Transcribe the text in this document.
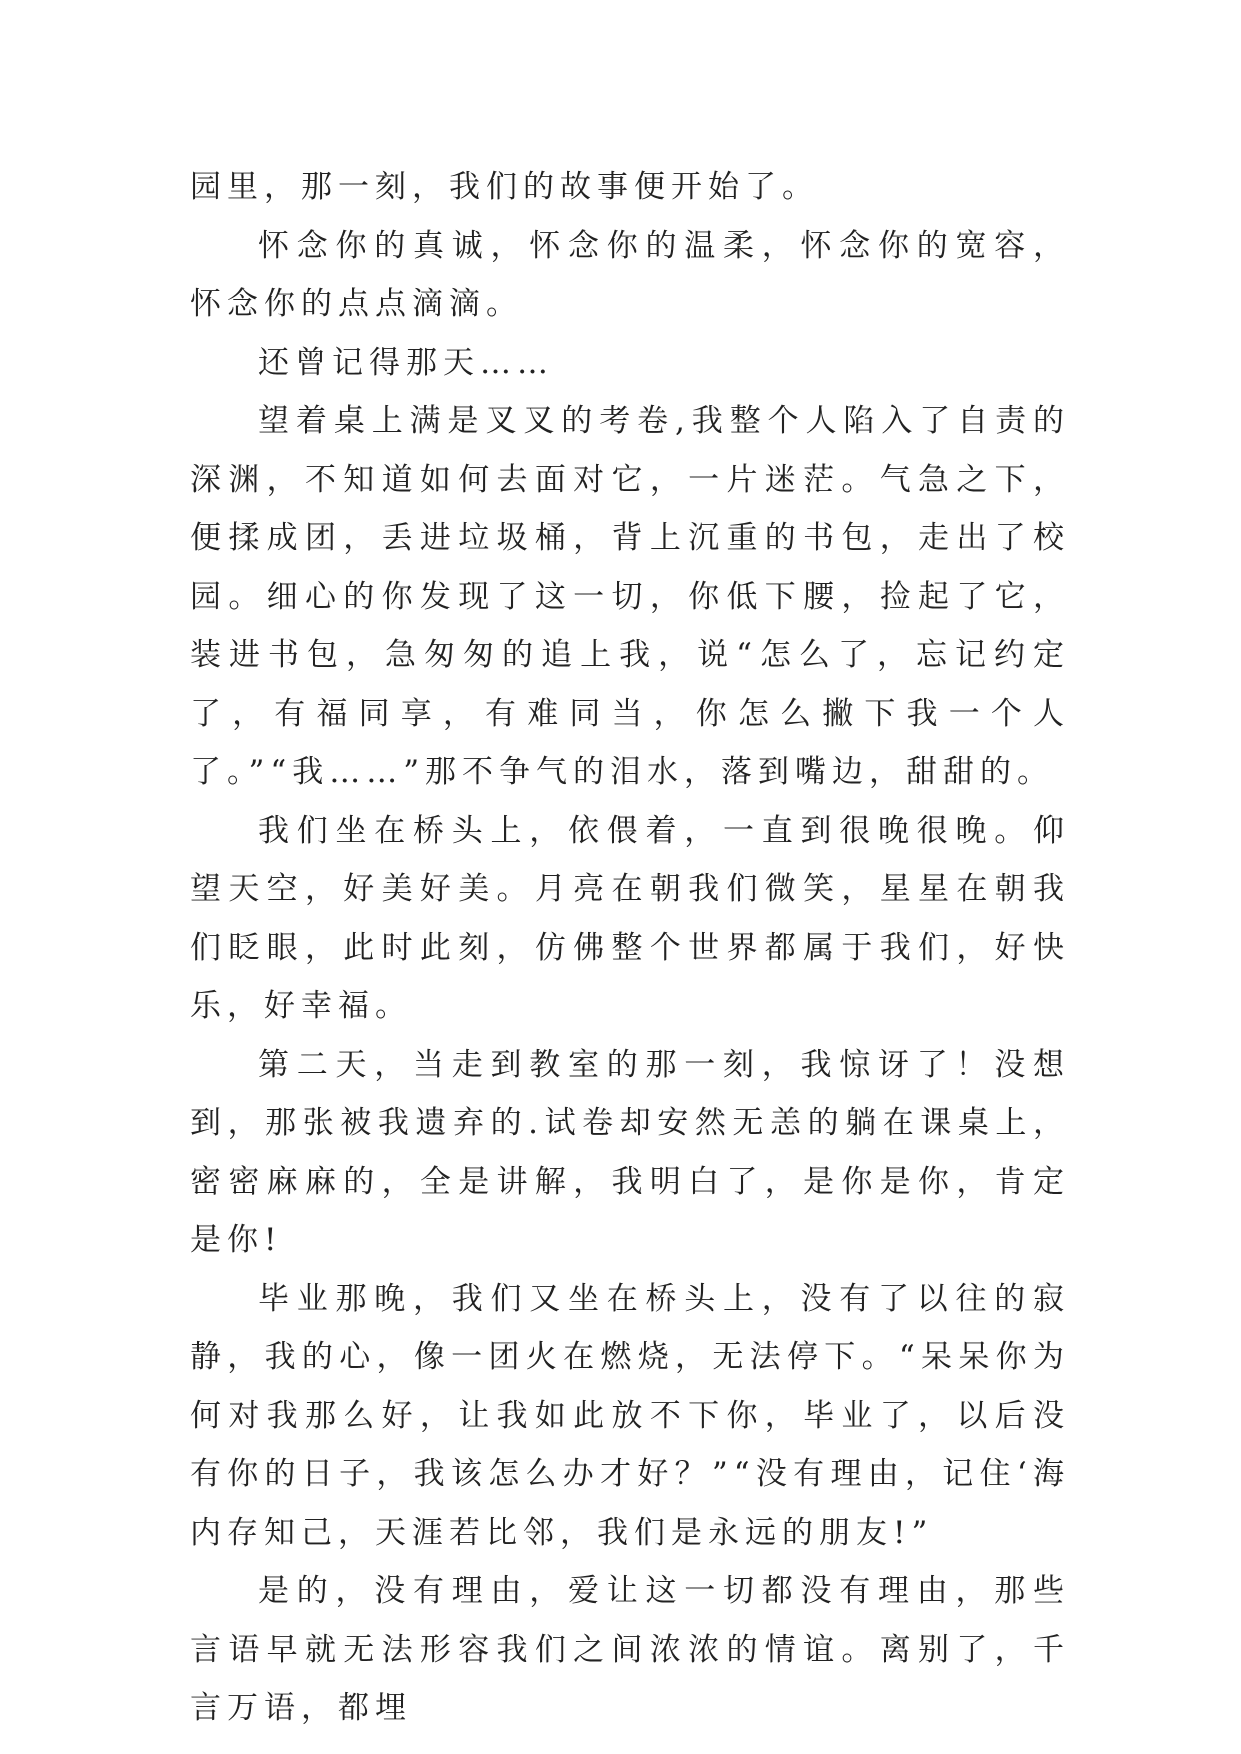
园里，那一刻，我们的故事便开始了。

怀念你的真诚，怀念你的温柔，怀念你的宽容，怀念你的点点滴滴。

还曾记得那天……

望着桌上满是叉叉的考卷,我整个人陷入了自责的深渊，不知道如何去面对它，一片迷茫。气急之下，便揉成团，丢进垃圾桶，背上沉重的书包，走出了校园。细心的你发现了这一切，你低下腰，捡起了它，装进书包，急匆匆的追上我，说“怎么了，忘记约定了，有福同享，有难同当，你怎么撇下我一个人了。”“我……”那不争气的泪水，落到嘴边，甜甜的。

我们坐在桥头上，依偎着，一直到很晚很晚。仰望天空，好美好美。月亮在朝我们微笑，星星在朝我们眨眼，此时此刻，仿佛整个世界都属于我们，好快乐，好幸福。

第二天，当走到教室的那一刻，我惊讶了！没想到，那张被我遗弃的.试卷却安然无恙的躺在课桌上，密密麻麻的，全是讲解，我明白了，是你是你，肯定是你!

毕业那晚，我们又坐在桥头上，没有了以往的寂静，我的心，像一团火在燃烧，无法停下。“呆呆你为何对我那么好，让我如此放不下你，毕业了，以后没有你的日子，我该怎么办才好？”“没有理由，记住‘海内存知己，天涯若比邻，我们是永远的朋友!”

是的，没有理由，爱让这一切都没有理由，那些言语早就无法形容我们之间浓浓的情谊。离别了，千言万语，都埋
